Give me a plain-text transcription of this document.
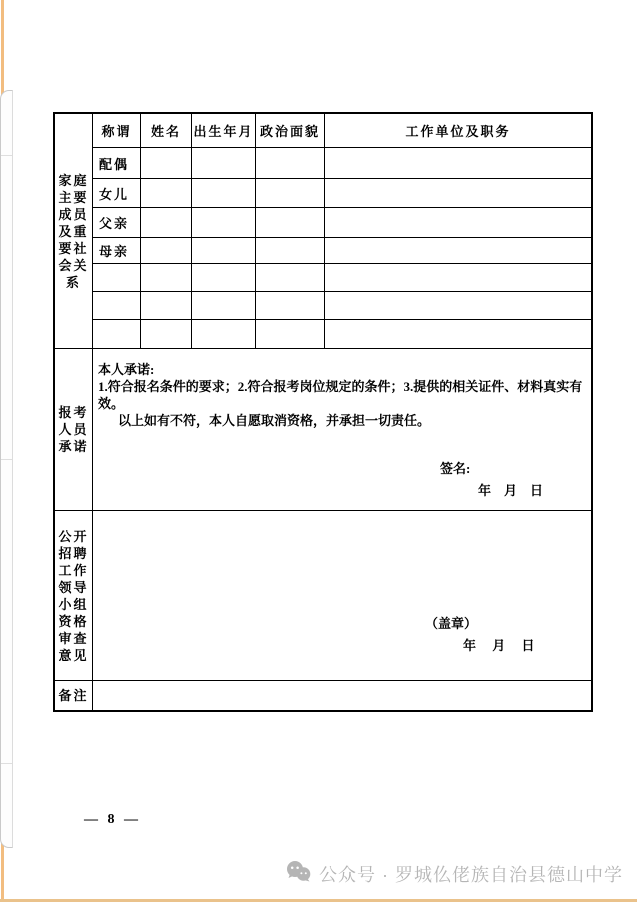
家庭
主要
成员
及重
要社
会关
系
称谓	姓名 出生年月 政治面貌	工作单位及职务
配偶
女儿
父亲
母亲
报考
人员
承诺
本人承诺:
1.符合报名条件的要求；2.符合报考岗位规定的条件；3.提供的相关证件、材料真实有效。
以上如有不符，本人自愿取消资格，并承担一切责任。
签名:
年　月　日
公开
招聘
工作
领导
小组
资格
审查
意见
（盖章）
年　 月　 日
备注
— 8 —
公众号 · 罗城仫佬族自治县德山中学
